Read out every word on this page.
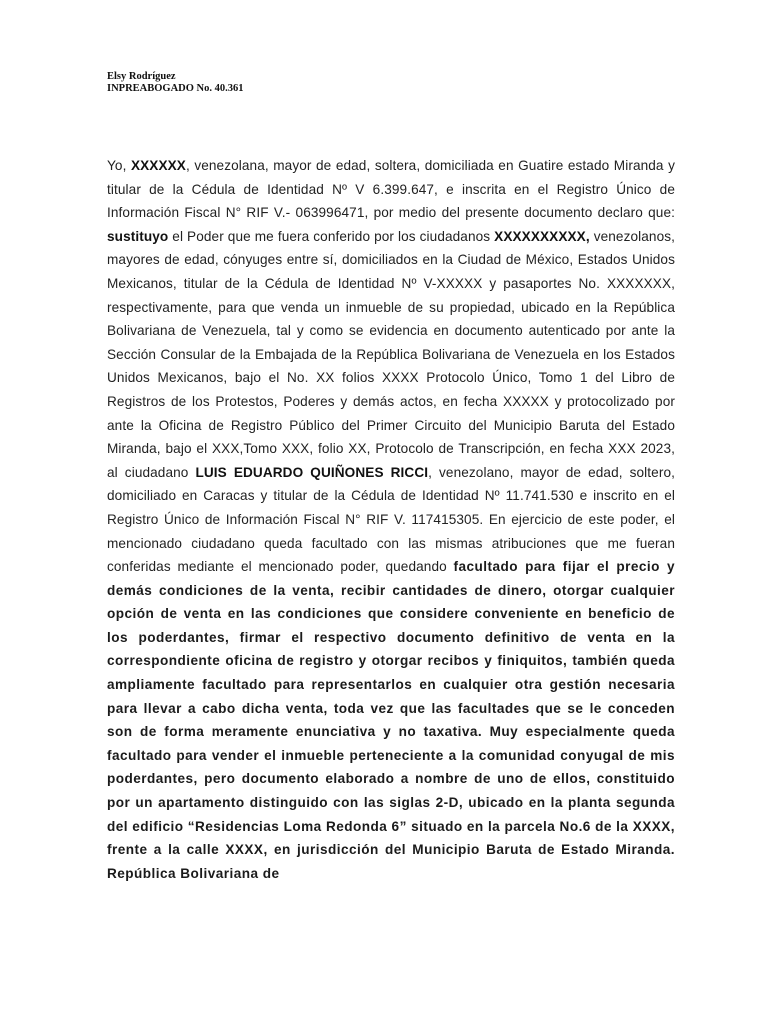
Elsy Rodríguez
INPREABOGADO No. 40.361
Yo, XXXXXX, venezolana, mayor de edad, soltera, domiciliada en Guatire estado Miranda y titular de la Cédula de Identidad Nº V 6.399.647, e inscrita en el Registro Único de Información Fiscal N° RIF V.- 063996471, por medio del presente documento declaro que: sustituyo el Poder que me fuera conferido por los ciudadanos XXXXXXXXXX, venezolanos, mayores de edad, cónyuges entre sí, domiciliados en la Ciudad de México, Estados Unidos Mexicanos, titular de la Cédula de Identidad Nº V-XXXXX y pasaportes No. XXXXXXX, respectivamente, para que venda un inmueble de su propiedad, ubicado en la República Bolivariana de Venezuela, tal y como se evidencia en documento autenticado por ante la Sección Consular de la Embajada de la República Bolivariana de Venezuela en los Estados Unidos Mexicanos, bajo el No. XX folios XXXX Protocolo Único, Tomo 1 del Libro de Registros de los Protestos, Poderes y demás actos, en fecha XXXXX y protocolizado por ante la Oficina de Registro Público del Primer Circuito del Municipio Baruta del Estado Miranda, bajo el XXX,Tomo XXX, folio XX, Protocolo de Transcripción, en fecha XXX 2023, al ciudadano LUIS EDUARDO QUIÑONES RICCI, venezolano, mayor de edad, soltero, domiciliado en Caracas y titular de la Cédula de Identidad Nº 11.741.530 e inscrito en el Registro Único de Información Fiscal N° RIF V. 117415305. En ejercicio de este poder, el mencionado ciudadano queda facultado con las mismas atribuciones que me fueran conferidas mediante el mencionado poder, quedando facultado para fijar el precio y demás condiciones de la venta, recibir cantidades de dinero, otorgar cualquier opción de venta en las condiciones que considere conveniente en beneficio de los poderdantes, firmar el respectivo documento definitivo de venta en la correspondiente oficina de registro y otorgar recibos y finiquitos, también queda ampliamente facultado para representarlos en cualquier otra gestión necesaria para llevar a cabo dicha venta, toda vez que las facultades que se le conceden son de forma meramente enunciativa y no taxativa. Muy especialmente queda facultado para vender el inmueble perteneciente a la comunidad conyugal de mis poderdantes, pero documento elaborado a nombre de uno de ellos, constituido por un apartamento distinguido con las siglas 2-D, ubicado en la planta segunda del edificio “Residencias Loma Redonda 6” situado en la parcela No.6 de la XXXX, frente a la calle XXXX, en jurisdicción del Municipio Baruta de Estado Miranda. República Bolivariana de
